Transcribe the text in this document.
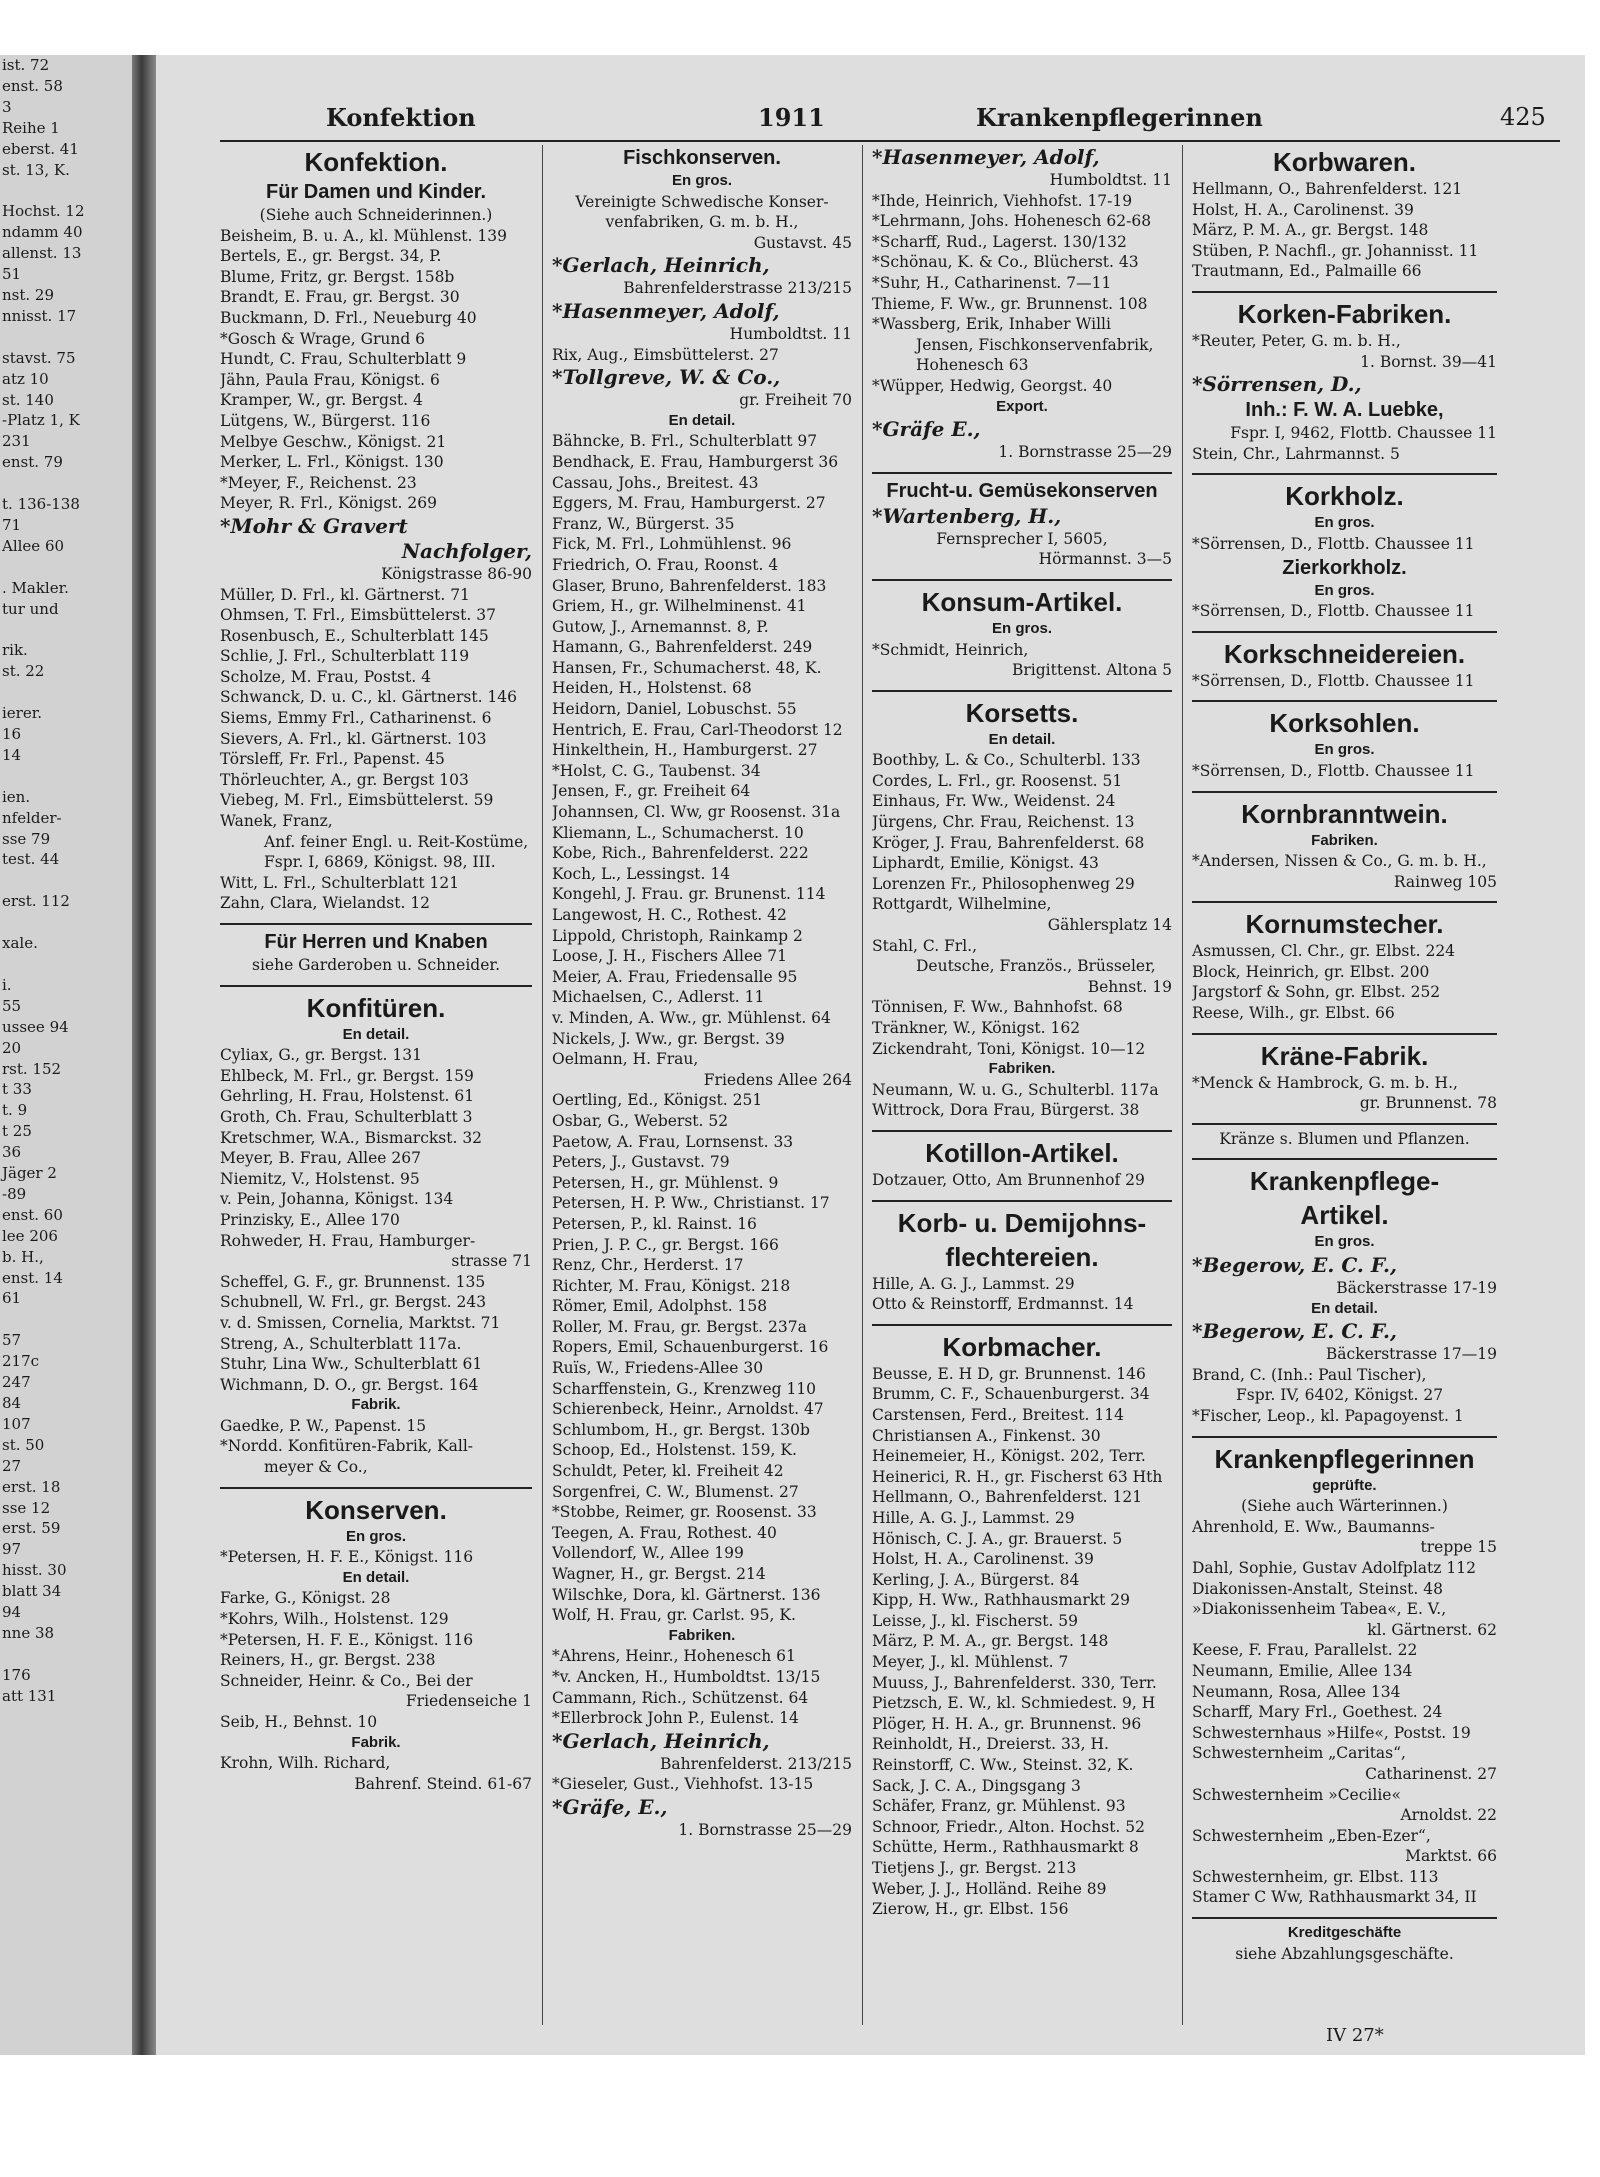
ist. 72
enst. 58
3
Reihe 1
eberst. 41
st. 13, K.

Hochst. 12
ndamm 40
allenst. 13
51
nst. 29
nnisst. 17

stavst. 75
atz 10
st. 140
-Platz 1, K
231
enst. 79

t. 136-138
71
Allee 60

. Makler.
tur und

rik.
st. 22

ierer.
16
14

ien.
nfelder-
sse 79
test. 44

erst. 112

xale.

i.
55
ussee 94
20
rst. 152
t 33
t. 9
t 25
36
Jäger 2
-89
enst. 60
lee 206
b. H.,
enst. 14
61

57
217c
247
84
107
st. 50
27
erst. 18
sse 12
erst. 59
97
hisst. 30
blatt 34
94
nne 38

176
att 131
Konfektion	1911	Krankenpflegerinnen	425
Konfektion.
Für Damen und Kinder.
(Siehe auch Schneiderinnen.)
Beisheim, B. u. A., kl. Mühlenst. 139
Bertels, E., gr. Bergst. 34, P.
Blume, Fritz, gr. Bergst. 158b
Brandt, E. Frau, gr. Bergst. 30
Buckmann, D. Frl., Neueburg 40
*Gosch & Wrage, Grund 6
Hundt, C. Frau, Schulterblatt 9
Jähn, Paula Frau, Königst. 6
Kramper, W., gr. Bergst. 4
Lütgens, W., Bürgerst. 116
Melbye Geschw., Königst. 21
Merker, L. Frl., Königst. 130
*Meyer, F., Reichenst. 23
Meyer, R. Frl., Königst. 269
*Mohr & Gravert
Nachfolger,
Königstrasse 86-90
Müller, D. Frl., kl. Gärtnerst. 71
Ohmsen, T. Frl., Eimsbüttelerst. 37
Rosenbusch, E., Schulterblatt 145
Schlie, J. Frl., Schulterblatt 119
Scholze, M. Frau, Postst. 4
Schwanck, D. u. C., kl. Gärtnerst. 146
Siems, Emmy Frl., Catharinenst. 6
Sievers, A. Frl., kl. Gärtnerst. 103
Törsleff, Fr. Frl., Papenst. 45
Thörleuchter, A., gr. Bergst 103
Viebeg, M. Frl., Eimsbüttelerst. 59
Wanek, Franz,
Anf. feiner Engl. u. Reit-Kostüme,
Fspr. I, 6869, Königst. 98, III.
Witt, L. Frl., Schulterblatt 121
Zahn, Clara, Wielandst. 12
Für Herren und Knaben
siehe Garderoben u. Schneider.
Konfitüren.
En detail.
Cyliax, G., gr. Bergst. 131
Ehlbeck, M. Frl., gr. Bergst. 159
Gehrling, H. Frau, Holstenst. 61
Groth, Ch. Frau, Schulterblatt 3
Kretschmer, W.A., Bismarckst. 32
Meyer, B. Frau, Allee 267
Niemitz, V., Holstenst. 95
v. Pein, Johanna, Königst. 134
Prinzisky, E., Allee 170
Rohweder, H. Frau, Hamburger-
strasse 71
Scheffel, G. F., gr. Brunnenst. 135
Schubnell, W. Frl., gr. Bergst. 243
v. d. Smissen, Cornelia, Marktst. 71
Streng, A., Schulterblatt 117a.
Stuhr, Lina Ww., Schulterblatt 61
Wichmann, D. O., gr. Bergst. 164
Fabrik.
Gaedke, P. W., Papenst. 15
*Nordd. Konfitüren-Fabrik, Kall-
meyer & Co.,
Konserven.
En gros.
*Petersen, H. F. E., Königst. 116
En detail.
Farke, G., Königst. 28
*Kohrs, Wilh., Holstenst. 129
*Petersen, H. F. E., Königst. 116
Reiners, H., gr. Bergst. 238
Schneider, Heinr. & Co., Bei der
Friedenseiche 1
Seib, H., Behnst. 10
Fabrik.
Krohn, Wilh. Richard,
Bahrenf. Steind. 61-67
Fischkonserven.
En gros.
Vereinigte Schwedische Konser-
venfabriken, G. m. b. H.,
Gustavst. 45
*Gerlach, Heinrich,
Bahrenfelderstrasse 213/215
*Hasenmeyer, Adolf,
Humboldtst. 11
Rix, Aug., Eimsbüttelerst. 27
*Tollgreve, W. & Co.,
gr. Freiheit 70
En detail.
Bähncke, B. Frl., Schulterblatt 97
Bendhack, E. Frau, Hamburgerst 36
Cassau, Johs., Breitest. 43
Eggers, M. Frau, Hamburgerst. 27
Franz, W., Bürgerst. 35
Fick, M. Frl., Lohmühlenst. 96
Friedrich, O. Frau, Roonst. 4
Glaser, Bruno, Bahrenfelderst. 183
Griem, H., gr. Wilhelminenst. 41
Gutow, J., Arnemannst. 8, P.
Hamann, G., Bahrenfelderst. 249
Hansen, Fr., Schumacherst. 48, K.
Heiden, H., Holstenst. 68
Heidorn, Daniel, Lobuschst. 55
Hentrich, E. Frau, Carl-Theodorst 12
Hinkelthein, H., Hamburgerst. 27
*Holst, C. G., Taubenst. 34
Jensen, F., gr. Freiheit 64
Johannsen, Cl. Ww, gr Roosenst. 31a
Kliemann, L., Schumacherst. 10
Kobe, Rich., Bahrenfelderst. 222
Koch, L., Lessingst. 14
Kongehl, J. Frau. gr. Brunenst. 114
Langewost, H. C., Rothest. 42
Lippold, Christoph, Rainkamp 2
Loose, J. H., Fischers Allee 71
Meier, A. Frau, Friedensalle 95
Michaelsen, C., Adlerst. 11
v. Minden, A. Ww., gr. Mühlenst. 64
Nickels, J. Ww., gr. Bergst. 39
Oelmann, H. Frau,
Friedens Allee 264
Oertling, Ed., Königst. 251
Osbar, G., Weberst. 52
Paetow, A. Frau, Lornsenst. 33
Peters, J., Gustavst. 79
Petersen, H., gr. Mühlenst. 9
Petersen, H. P. Ww., Christianst. 17
Petersen, P., kl. Rainst. 16
Prien, J. P. C., gr. Bergst. 166
Renz, Chr., Herderst. 17
Richter, M. Frau, Königst. 218
Römer, Emil, Adolphst. 158
Roller, M. Frau, gr. Bergst. 237a
Ropers, Emil, Schauenburgerst. 16
Ruïs, W., Friedens-Allee 30
Scharffenstein, G., Krenzweg 110
Schierenbeck, Heinr., Arnoldst. 47
Schlumbom, H., gr. Bergst. 130b
Schoop, Ed., Holstenst. 159, K.
Schuldt, Peter, kl. Freiheit 42
Sorgenfrei, C. W., Blumenst. 27
*Stobbe, Reimer, gr. Roosenst. 33
Teegen, A. Frau, Rothest. 40
Vollendorf, W., Allee 199
Wagner, H., gr. Bergst. 214
Wilschke, Dora, kl. Gärtnerst. 136
Wolf, H. Frau, gr. Carlst. 95, K.
Fabriken.
*Ahrens, Heinr., Hohenesch 61
*v. Ancken, H., Humboldtst. 13/15
Cammann, Rich., Schützenst. 64
*Ellerbrock John P., Eulenst. 14
*Gerlach, Heinrich,
Bahrenfelderst. 213/215
*Gieseler, Gust., Viehhofst. 13-15
*Gräfe, E.,
1. Bornstrasse 25—29
*Hasenmeyer, Adolf,
Humboldtst. 11
*Ihde, Heinrich, Viehhofst. 17-19
*Lehrmann, Johs. Hohenesch 62-68
*Scharff, Rud., Lagerst. 130/132
*Schönau, K. & Co., Blücherst. 43
*Suhr, H., Catharinenst. 7—11
Thieme, F. Ww., gr. Brunnenst. 108
*Wassberg, Erik, Inhaber Willi
Jensen, Fischkonservenfabrik,
Hohenesch 63
*Wüpper, Hedwig, Georgst. 40
Export.
*Gräfe E.,
1. Bornstrasse 25—29
Frucht-u. Gemüsekonserven
*Wartenberg, H.,
Fernsprecher I, 5605,
Hörmannst. 3—5
Konsum-Artikel.
En gros.
*Schmidt, Heinrich,
Brigittenst. Altona 5
Korsetts.
En detail.
Boothby, L. & Co., Schulterbl. 133
Cordes, L. Frl., gr. Roosenst. 51
Einhaus, Fr. Ww., Weidenst. 24
Jürgens, Chr. Frau, Reichenst. 13
Kröger, J. Frau, Bahrenfelderst. 68
Liphardt, Emilie, Königst. 43
Lorenzen Fr., Philosophenweg 29
Rottgardt, Wilhelmine,
Gählersplatz 14
Stahl, C. Frl.,
Deutsche, Französ., Brüsseler,
Behnst. 19
Tönnisen, F. Ww., Bahnhofst. 68
Tränkner, W., Königst. 162
Zickendraht, Toni, Königst. 10—12
Fabriken.
Neumann, W. u. G., Schulterbl. 117a
Wittrock, Dora Frau, Bürgerst. 38
Kotillon-Artikel.
Dotzauer, Otto, Am Brunnenhof 29
Korb- u. Demijohns-
flechtereien.
Hille, A. G. J., Lammst. 29
Otto & Reinstorff, Erdmannst. 14
Korbmacher.
Beusse, E. H D, gr. Brunnenst. 146
Brumm, C. F., Schauenburgerst. 34
Carstensen, Ferd., Breitest. 114
Christiansen A., Finkenst. 30
Heinemeier, H., Königst. 202, Terr.
Heinerici, R. H., gr. Fischerst 63 Hth
Hellmann, O., Bahrenfelderst. 121
Hille, A. G. J., Lammst. 29
Hönisch, C. J. A., gr. Brauerst. 5
Holst, H. A., Carolinenst. 39
Kerling, J. A., Bürgerst. 84
Kipp, H. Ww., Rathhausmarkt 29
Leisse, J., kl. Fischerst. 59
März, P. M. A., gr. Bergst. 148
Meyer, J., kl. Mühlenst. 7
Muuss, J., Bahrenfelderst. 330, Terr.
Pietzsch, E. W., kl. Schmiedest. 9, H
Plöger, H. H. A., gr. Brunnenst. 96
Reinholdt, H., Dreierst. 33, H.
Reinstorff, C. Ww., Steinst. 32, K.
Sack, J. C. A., Dingsgang 3
Schäfer, Franz, gr. Mühlenst. 93
Schnoor, Friedr., Alton. Hochst. 52
Schütte, Herm., Rathhausmarkt 8
Tietjens J., gr. Bergst. 213
Weber, J. J., Holländ. Reihe 89
Zierow, H., gr. Elbst. 156
Korbwaren.
Hellmann, O., Bahrenfelderst. 121
Holst, H. A., Carolinenst. 39
März, P. M. A., gr. Bergst. 148
Stüben, P. Nachfl., gr. Johannisst. 11
Trautmann, Ed., Palmaille 66
Korken-Fabriken.
*Reuter, Peter, G. m. b. H.,
1. Bornst. 39—41
*Sörrensen, D.,
Inh.: F. W. A. Luebke,
Fspr. I, 9462, Flottb. Chaussee 11
Stein, Chr., Lahrmannst. 5
Korkholz.
En gros.
*Sörrensen, D., Flottb. Chaussee 11
Zierkorkholz.
En gros.
*Sörrensen, D., Flottb. Chaussee 11
Korkschneidereien.
*Sörrensen, D., Flottb. Chaussee 11
Korksohlen.
En gros.
*Sörrensen, D., Flottb. Chaussee 11
Kornbranntwein.
Fabriken.
*Andersen, Nissen & Co., G. m. b. H.,
Rainweg 105
Kornumstecher.
Asmussen, Cl. Chr., gr. Elbst. 224
Block, Heinrich, gr. Elbst. 200
Jargstorf & Sohn, gr. Elbst. 252
Reese, Wilh., gr. Elbst. 66
Kräne-Fabrik.
*Menck & Hambrock, G. m. b. H.,
gr. Brunnenst. 78
Kränze s. Blumen und Pflanzen.
Krankenpflege-
Artikel.
En gros.
*Begerow, E. C. F.,
Bäckerstrasse 17-19
En detail.
*Begerow, E. C. F.,
Bäckerstrasse 17—19
Brand, C. (Inh.: Paul Tischer),
Fspr. IV, 6402, Königst. 27
*Fischer, Leop., kl. Papagoyenst. 1
Krankenpflegerinnen
geprüfte.
(Siehe auch Wärterinnen.)
Ahrenhold, E. Ww., Baumanns-
treppe 15
Dahl, Sophie, Gustav Adolfplatz 112
Diakonissen-Anstalt, Steinst. 48
»Diakonissenheim Tabea«, E. V.,
kl. Gärtnerst. 62
Keese, F. Frau, Parallelst. 22
Neumann, Emilie, Allee 134
Neumann, Rosa, Allee 134
Scharff, Mary Frl., Goethest. 24
Schwesternhaus »Hilfe«, Postst. 19
Schwesternheim „Caritas“,
Catharinenst. 27
Schwesternheim »Cecilie«
Arnoldst. 22
Schwesternheim „Eben-Ezer“,
Marktst. 66
Schwesternheim, gr. Elbst. 113
Stamer C Ww, Rathhausmarkt 34, II
Kreditgeschäfte
siehe Abzahlungsgeschäfte.
IV 27*
